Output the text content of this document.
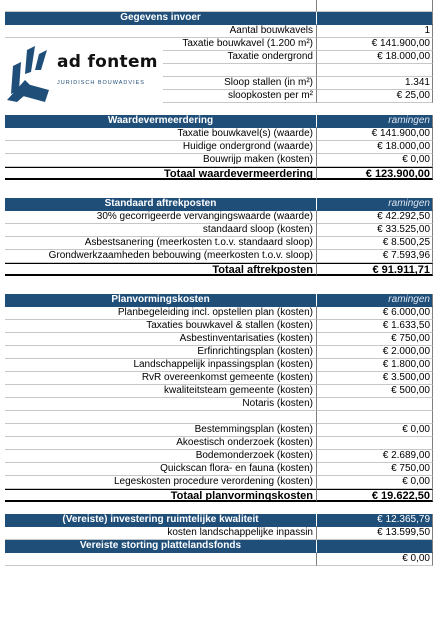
Gegevens invoer
Aantal bouwkavels	1
Taxatie bouwkavel (1.200 m²)	€ 141.900,00
Taxatie ondergrond	€ 18.000,00
Sloop stallen (in m²)	1.341
sloopkosten per m²	€ 25,00
Waardevermeerdering	ramingen
Taxatie bouwkavel(s) (waarde)	€ 141.900,00
Huidige ondergrond (waarde)	€ 18.000,00
Bouwrijp maken (kosten)	€ 0,00
Totaal waardevermeerdering	€ 123.900,00
Standaard aftrekposten	ramingen
30% gecorrigeerde vervangingswaarde (waarde)	€ 42.292,50
standaard sloop (kosten)	€ 33.525,00
Asbestsanering (meerkosten t.o.v. standaard sloop)	€ 8.500,25
Grondwerkzaamheden bebouwing (meerkosten t.o.v. sloop)	€ 7.593,96
Totaal aftrekposten	€ 91.911,71
Planvormingskosten	ramingen
Planbegeleiding incl. opstellen plan (kosten)	€ 6.000,00
Taxaties bouwkavel & stallen (kosten)	€ 1.633,50
Asbestinventarisaties (kosten)	€ 750,00
Erfinrichtingsplan (kosten)	€ 2.000,00
Landschappelijk inpassingsplan (kosten)	€ 1.800,00
RvR overeenkomst gemeente (kosten)	€ 3.500,00
kwaliteitsteam gemeente (kosten)	€ 500,00
Notaris (kosten)
Bestemmingsplan (kosten)	€ 0,00
Akoestisch onderzoek (kosten)
Bodemonderzoek (kosten)	€ 2.689,00
Quickscan flora- en fauna (kosten)	€ 750,00
Legeskosten procedure verordening (kosten)	€ 0,00
Totaal planvormingskosten	€ 19.622,50
(Vereiste) investering ruimtelijke kwaliteit	€ 12.365,79
kosten landschappelijke inpassin	€ 13.599,50
Vereiste storting plattelandsfonds
€ 0,00
ad fontem
JURIDISCH BOUWADVIES
